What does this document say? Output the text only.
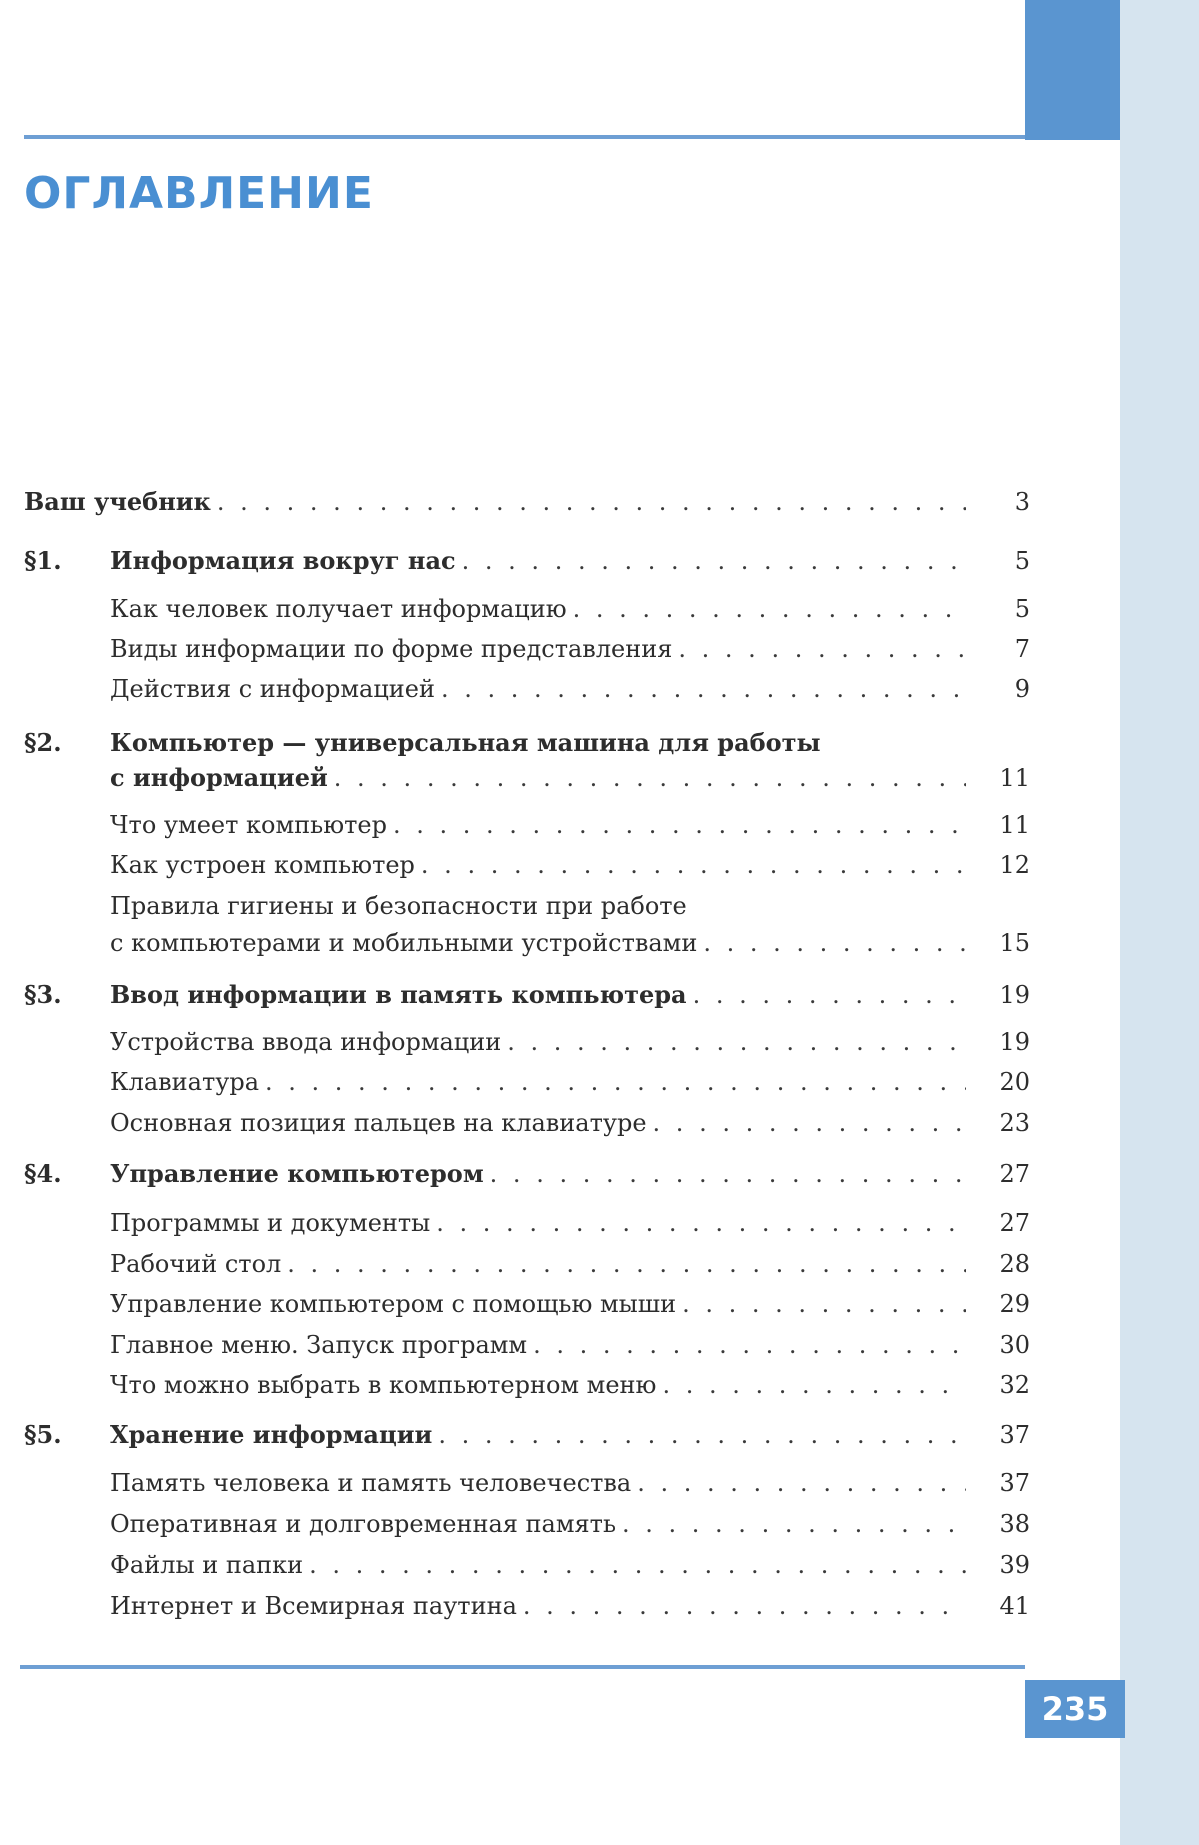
ОГЛАВЛЕНИЕ
Ваш учебник . . .	3
§1. Информация вокруг нас . . .	5
Как человек получает информацию . . .	5
Виды информации по форме представления . . .	7
Действия с информацией . . .	9
§2. Компьютер — универсальная машина для работы
с информацией . . .	11
Что умеет компьютер . . .	11
Как устроен компьютер . . .	12
Правила гигиены и безопасности при работе
с компьютерами и мобильными устройствами . . .	15
§3. Ввод информации в память компьютера . . .	19
Устройства ввода информации . . .	19
Клавиатура . . .	20
Основная позиция пальцев на клавиатуре . . .	23
§4. Управление компьютером . . .	27
Программы и документы . . .	27
Рабочий стол . . .	28
Управление компьютером с помощью мыши . . .	29
Главное меню. Запуск программ . . .	30
Что можно выбрать в компьютерном меню . . .	32
§5. Хранение информации . . .	37
Память человека и память человечества . . .	37
Оперативная и долговременная память . . .	38
Файлы и папки . . .	39
Интернет и Всемирная паутина . . .	41
235
